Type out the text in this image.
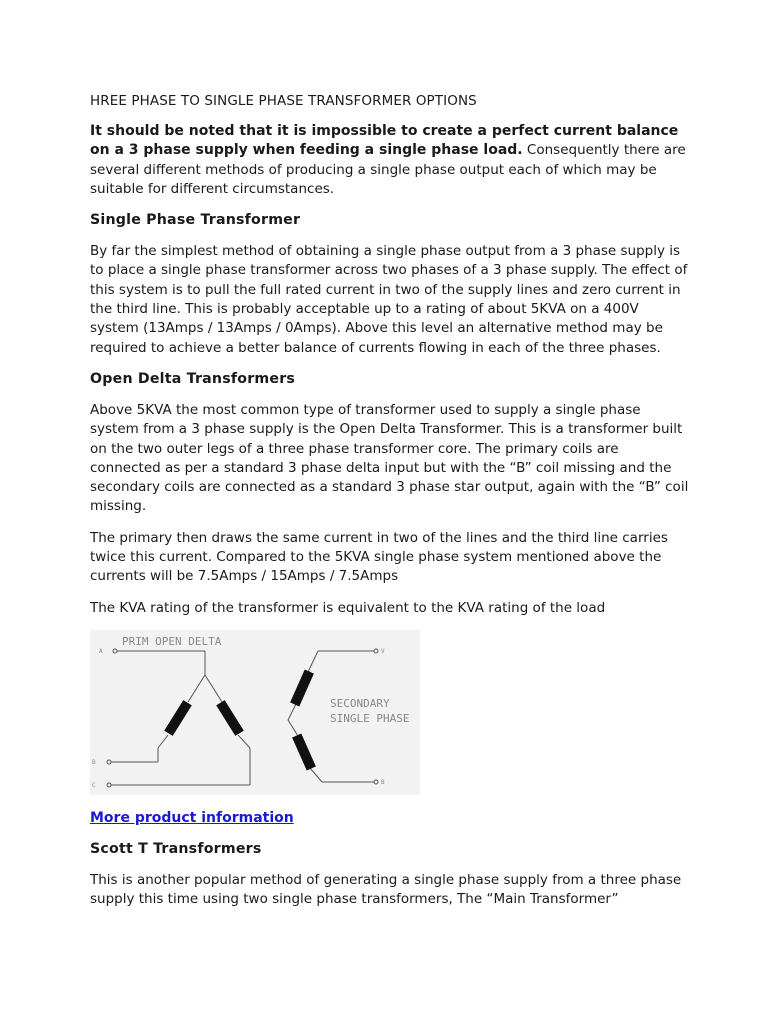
HREE PHASE TO SINGLE PHASE TRANSFORMER OPTIONS

It should be noted that it is impossible to create a perfect current balance on a 3 phase supply when feeding a single phase load. Consequently there are several different methods of producing a single phase output each of which may be suitable for different circumstances.

Single Phase Transformer

By far the simplest method of obtaining a single phase output from a 3 phase supply is to place a single phase transformer across two phases of a 3 phase supply. The effect of this system is to pull the full rated current in two of the supply lines and zero current in the third line. This is probably acceptable up to a rating of about 5KVA on a 400V system (13Amps / 13Amps / 0Amps). Above this level an alternative method may be required to achieve a better balance of currents flowing in each of the three phases.

Open Delta Transformers

Above 5KVA the most common type of transformer used to supply a single phase system from a 3 phase supply is the Open Delta Transformer. This is a transformer built on the two outer legs of a three phase transformer core. The primary coils are connected as per a standard 3 phase delta input but with the “B” coil missing and the secondary coils are connected as a standard 3 phase star output, again with the “B” coil missing.

The primary then draws the same current in two of the lines and the third line carries twice this current. Compared to the 5KVA single phase system mentioned above the currents will be 7.5Amps / 15Amps / 7.5Amps

The KVA rating of the transformer is equivalent to the KVA rating of the load

PRIM OPEN DELTA
SECONDARY
SINGLE PHASE
A
B
C
V
B
More product information
Scott T Transformers

This is another popular method of generating a single phase supply from a three phase supply this time using two single phase transformers, The “Main Transformer”
